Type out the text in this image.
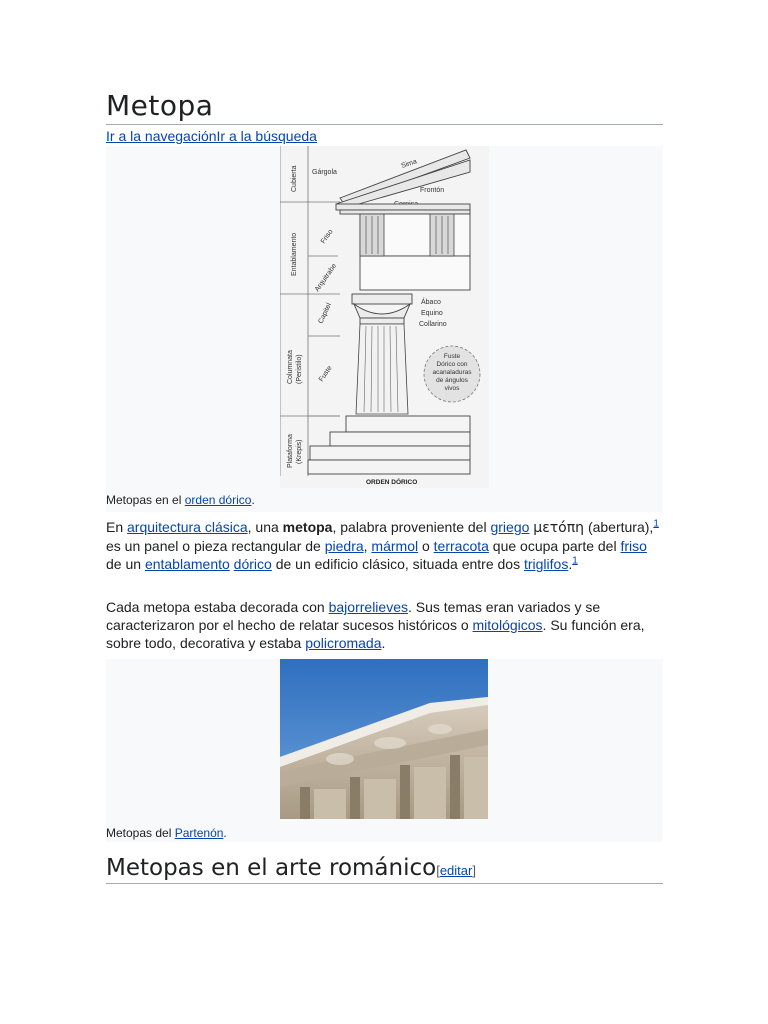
Metopa
Ir a la navegaciónIr a la búsqueda
Cubierta
Entablamento
Columnata (Peristilo)
Plataforma (Krepis)
Gárgola
Sima
Frontón
Friso
Arquitrabe
Capitel	Ábaco
Equino
Collarino
Fuste
Fuste
Dórico con
acanaladuras
de ángulos
vivos
ORDEN DÓRICO
Metopas en el orden dórico.

En arquitectura clásica, una metopa, palabra proveniente del griego μετόπη (abertura),$^1$ es un panel o pieza rectangular de piedra, mármol o terracota que ocupa parte del friso de un entablamento dórico de un edificio clásico, situada entre dos triglifos.$^1$

Cada metopa estaba decorada con bajorrelieves. Sus temas eran variados y se caracterizaron por el hecho de relatar sucesos históricos o mitológicos. Su función era, sobre todo, decorativa y estaba policromada.

Metopas del Partenón.
Metopas en el arte románico[editar]
